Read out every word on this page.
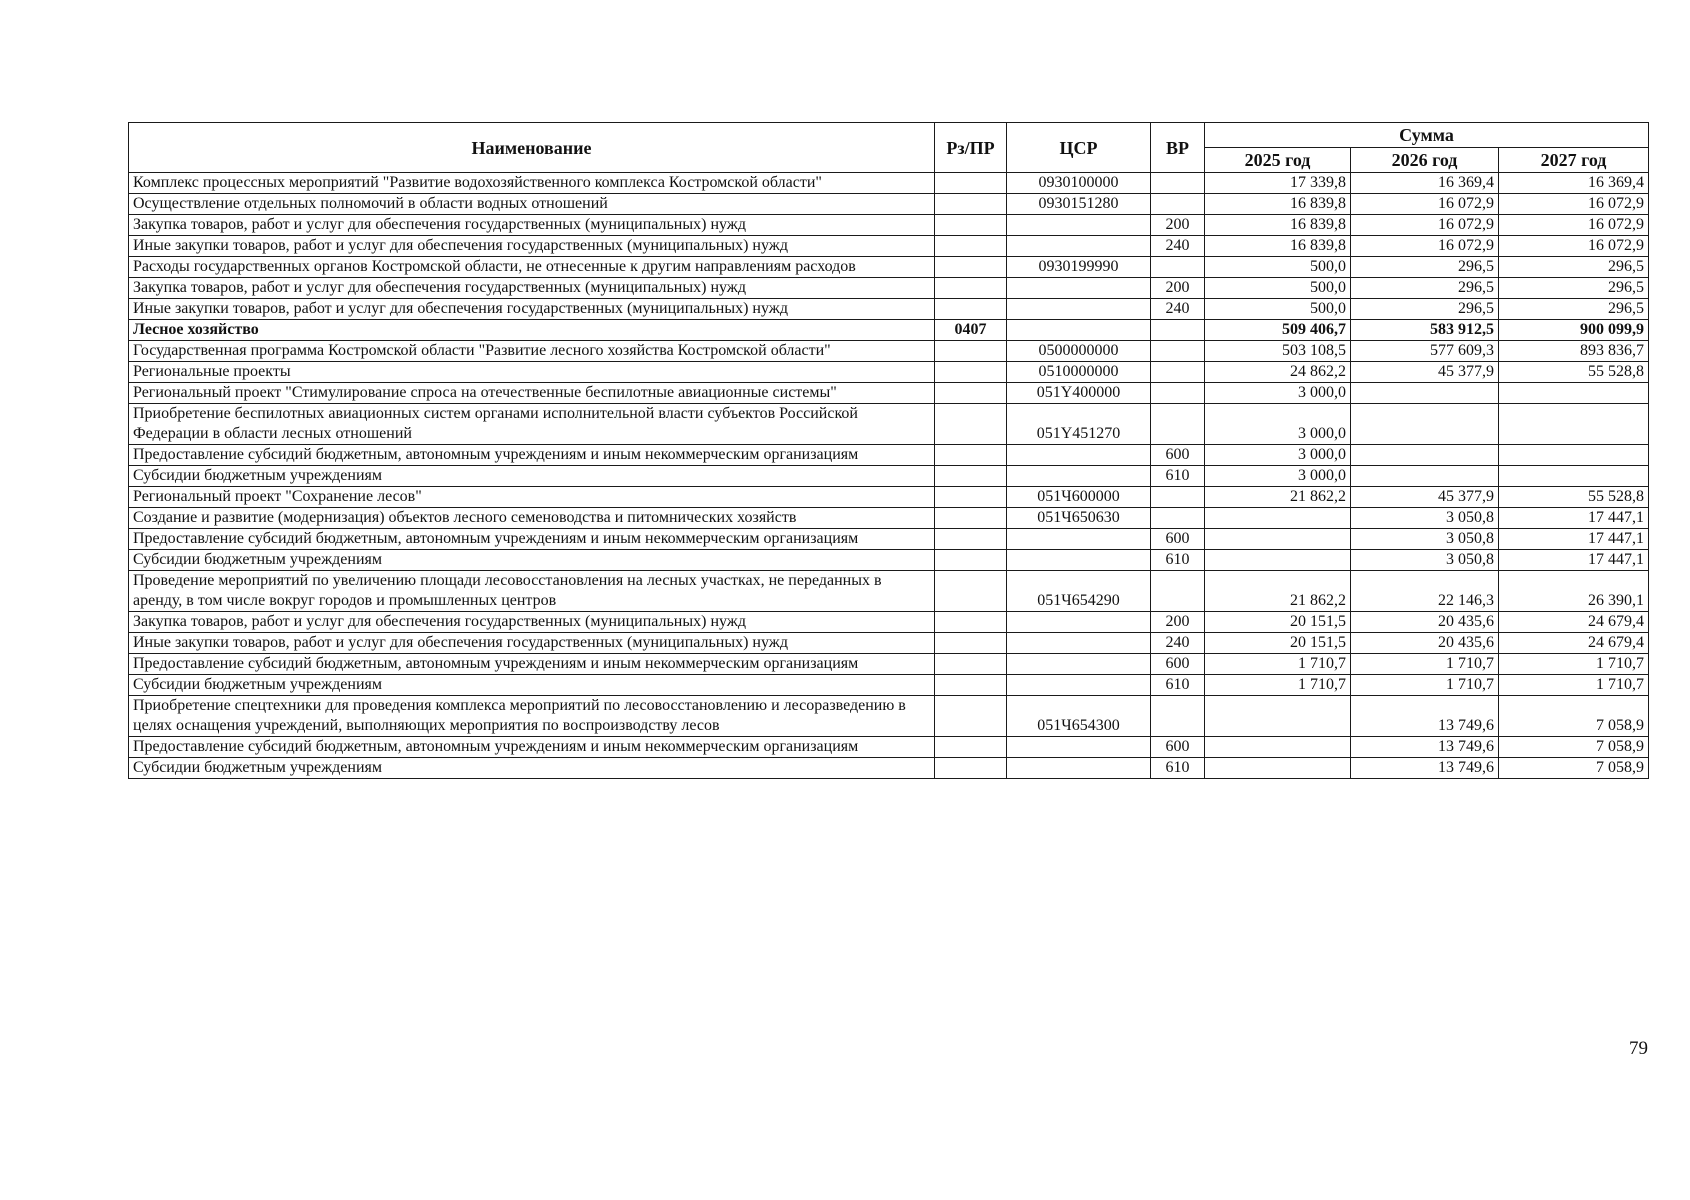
Наименование	Рз/ПР	ЦСР	ВР	Сумма		
				2025 год	2026 год	2027 год
Комплекс процессных мероприятий "Развитие водохозяйственного комплекса Костромской области"		0930100000		17 339,8	16 369,4	16 369,4
Осуществление отдельных полномочий в области водных отношений		0930151280		16 839,8	16 072,9	16 072,9
Закупка товаров, работ и услуг для обеспечения государственных (муниципальных) нужд			200	16 839,8	16 072,9	16 072,9
Иные закупки товаров, работ и услуг для обеспечения государственных (муниципальных) нужд			240	16 839,8	16 072,9	16 072,9
Расходы государственных органов Костромской области, не отнесенные к другим направлениям расходов		0930199990		500,0	296,5	296,5
Закупка товаров, работ и услуг для обеспечения государственных (муниципальных) нужд			200	500,0	296,5	296,5
Иные закупки товаров, работ и услуг для обеспечения государственных (муниципальных) нужд			240	500,0	296,5	296,5
Лесное хозяйство	0407			509 406,7	583 912,5	900 099,9
Государственная программа Костромской области "Развитие лесного хозяйства Костромской области"		0500000000		503 108,5	577 609,3	893 836,7
Региональные проекты		0510000000		24 862,2	45 377,9	55 528,8
Региональный проект "Стимулирование спроса на отечественные беспилотные авиационные системы"		051Y400000		3 000,0		
Приобретение беспилотных авиационных систем органами исполнительной власти субъектов Российской Федерации в области лесных отношений		051Y451270		3 000,0		
Предоставление субсидий бюджетным, автономным учреждениям и иным некоммерческим организациям			600	3 000,0		
Субсидии бюджетным учреждениям			610	3 000,0		
Региональный проект "Сохранение лесов"		051Ч600000		21 862,2	45 377,9	55 528,8
Создание и развитие (модернизация) объектов лесного семеноводства и питомнических хозяйств		051Ч650630			3 050,8	17 447,1
Предоставление субсидий бюджетным, автономным учреждениям и иным некоммерческим организациям			600		3 050,8	17 447,1
Субсидии бюджетным учреждениям			610		3 050,8	17 447,1
Проведение мероприятий по увеличению площади лесовосстановления на лесных участках, не переданных в аренду, в том числе вокруг городов и промышленных центров		051Ч654290		21 862,2	22 146,3	26 390,1
Закупка товаров, работ и услуг для обеспечения государственных (муниципальных) нужд			200	20 151,5	20 435,6	24 679,4
Иные закупки товаров, работ и услуг для обеспечения государственных (муниципальных) нужд			240	20 151,5	20 435,6	24 679,4
Предоставление субсидий бюджетным, автономным учреждениям и иным некоммерческим организациям			600	1 710,7	1 710,7	1 710,7
Субсидии бюджетным учреждениям			610	1 710,7	1 710,7	1 710,7
Приобретение спецтехники для проведения комплекса мероприятий по лесовосстановлению и лесоразведению в целях оснащения учреждений, выполняющих мероприятия по воспроизводству лесов		051Ч654300			13 749,6	7 058,9
Предоставление субсидий бюджетным, автономным учреждениям и иным некоммерческим организациям			600		13 749,6	7 058,9
Субсидии бюджетным учреждениям			610		13 749,6	7 058,9
79
